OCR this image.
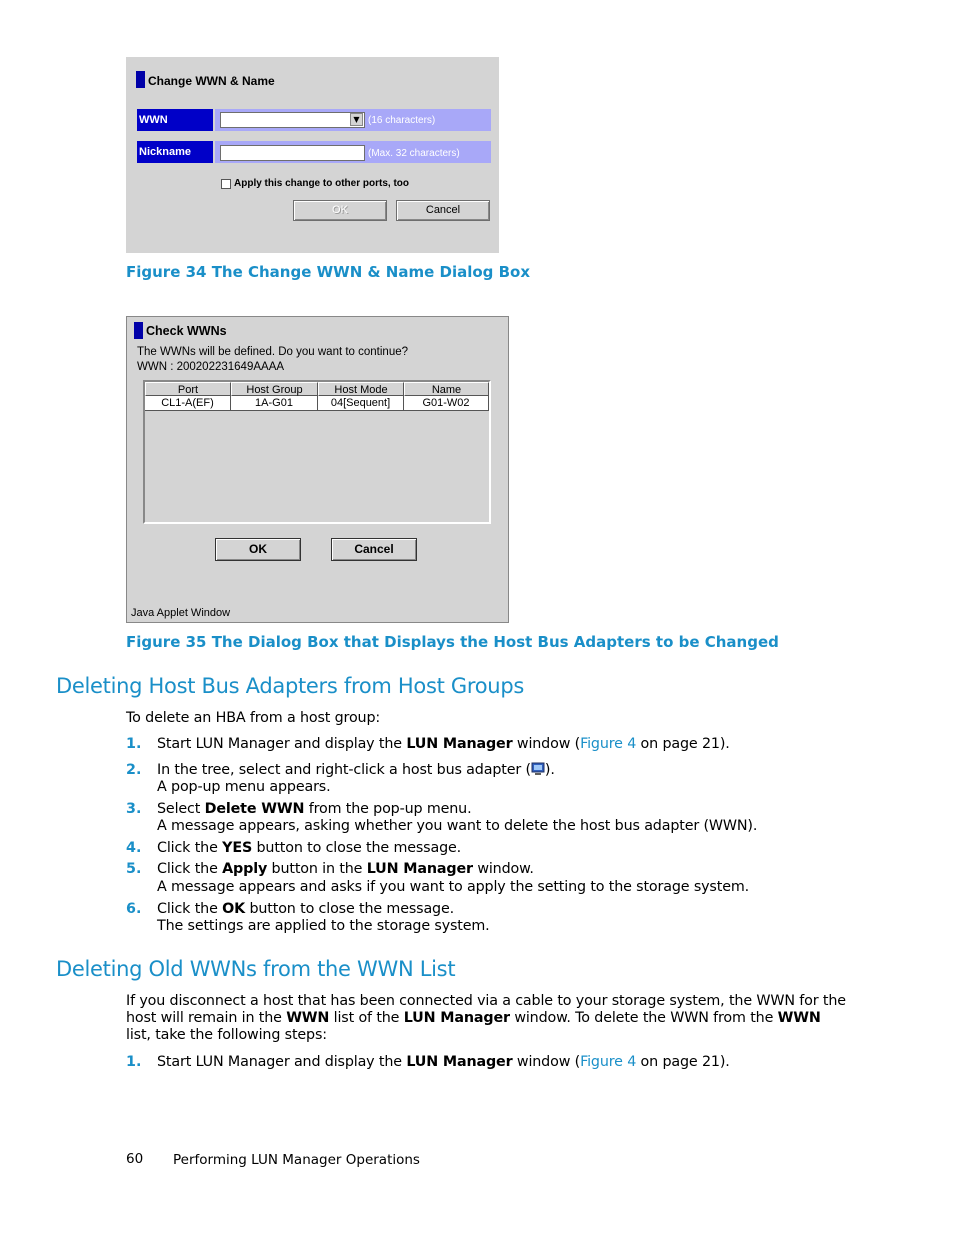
Change WWN & Name
WWN	▼ (16 characters)
Nickname	(Max. 32 characters)
Apply this change to other ports, too
OK	Cancel
Figure 34 The Change WWN & Name Dialog Box
Check WWNs
The WWNs will be defined. Do you want to continue?
WWN : 200202231649AAAA
Port	Host Group	Host Mode	Name
CL1-A(EF)	1A-G01	04[Sequent]	G01-W02
OK	Cancel
Java Applet Window
Figure 35 The Dialog Box that Displays the Host Bus Adapters to be Changed
Deleting Host Bus Adapters from Host Groups
To delete an HBA from a host group:
1. Start LUN Manager and display the LUN Manager window (Figure 4 on page 21).
2. In the tree, select and right-click a host bus adapter ( ).
A pop-up menu appears.
3. Select Delete WWN from the pop-up menu.
A message appears, asking whether you want to delete the host bus adapter (WWN).
4. Click the YES button to close the message.
5. Click the Apply button in the LUN Manager window.
A message appears and asks if you want to apply the setting to the storage system.
6. Click the OK button to close the message.
The settings are applied to the storage system.
Deleting Old WWNs from the WWN List
If you disconnect a host that has been connected via a cable to your storage system, the WWN for the
host will remain in the WWN list of the LUN Manager window. To delete the WWN from the WWN
list, take the following steps:
1. Start LUN Manager and display the LUN Manager window (Figure 4 on page 21).
60 Performing LUN Manager Operations
